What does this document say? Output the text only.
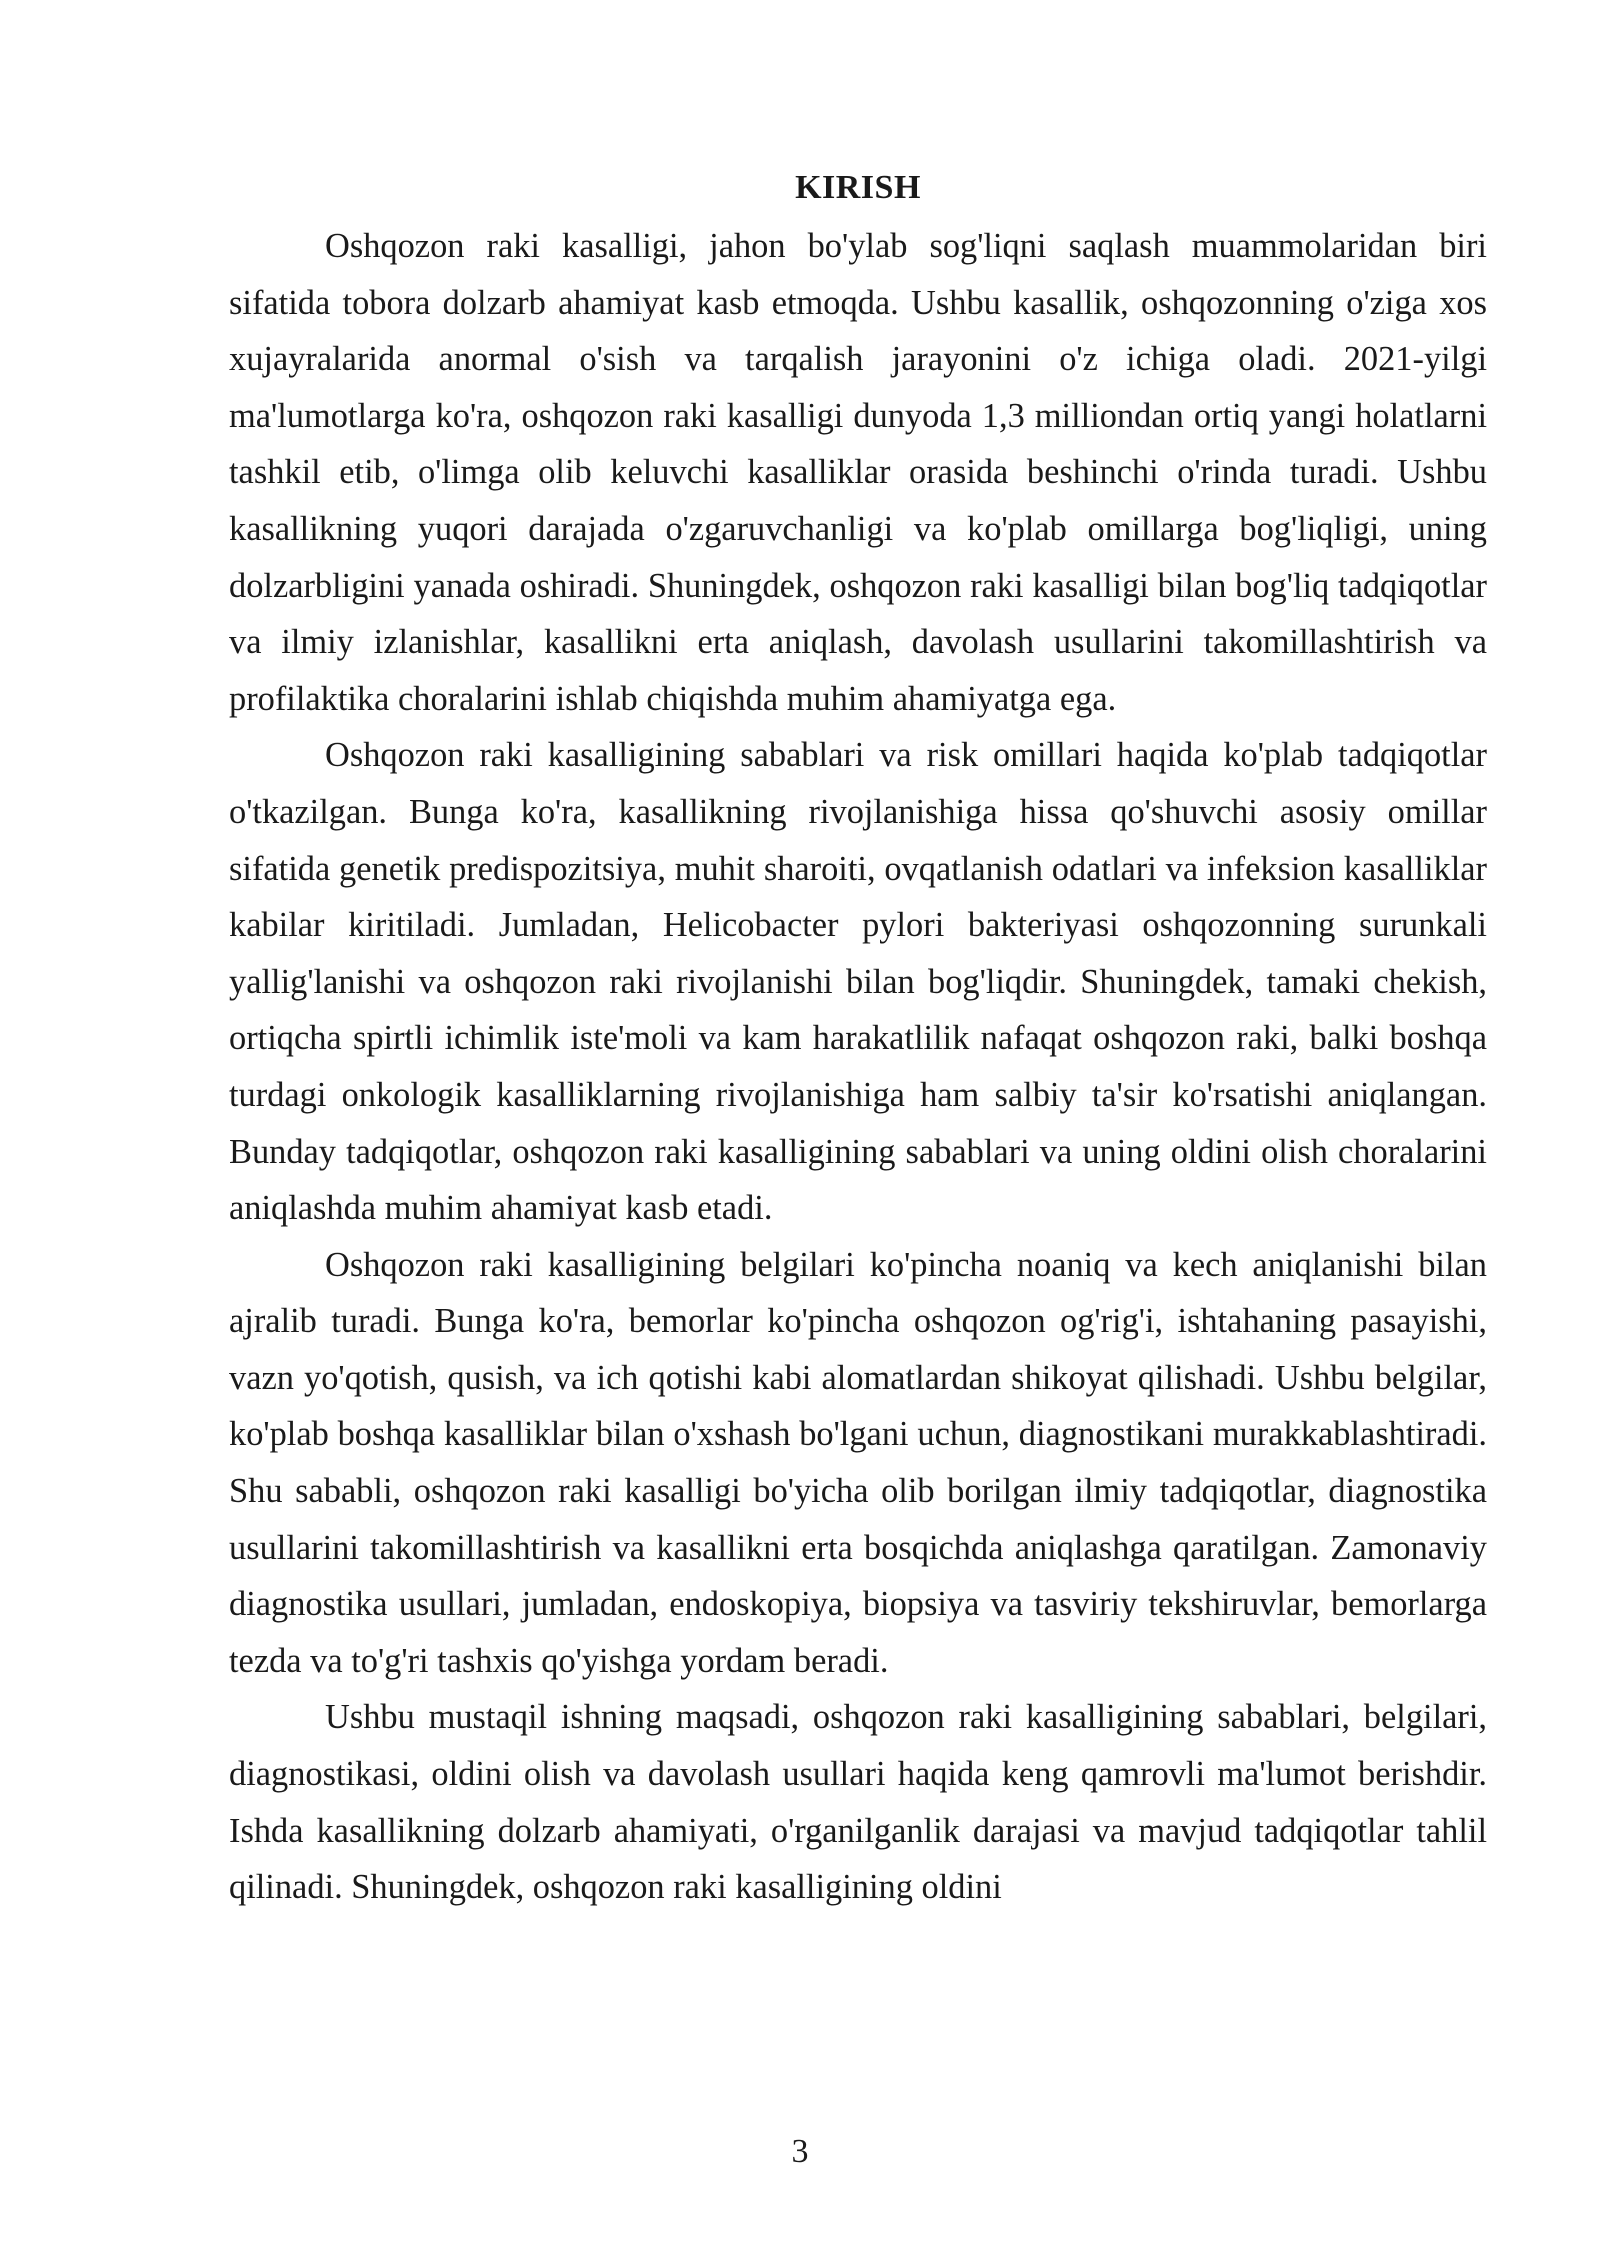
KIRISH

Oshqozon raki kasalligi, jahon bo'ylab sog'liqni saqlash muammolaridan biri sifatida tobora dolzarb ahamiyat kasb etmoqda. Ushbu kasallik, oshqozonning o'ziga xos xujayralarida anormal o'sish va tarqalish jarayonini o'z ichiga oladi. 2021-yilgi ma'lumotlarga ko'ra, oshqozon raki kasalligi dunyoda 1,3 milliondan ortiq yangi holatlarni tashkil etib, o'limga olib keluvchi kasalliklar orasida beshinchi o'rinda turadi. Ushbu kasallikning yuqori darajada o'zgaruvchanligi va ko'plab omillarga bog'liqligi, uning dolzarbligini yanada oshiradi. Shuningdek, oshqozon raki kasalligi bilan bog'liq tadqiqotlar va ilmiy izlanishlar, kasallikni erta aniqlash, davolash usullarini takomillashtirish va profilaktika choralarini ishlab chiqishda muhim ahamiyatga ega.

Oshqozon raki kasalligining sabablari va risk omillari haqida ko'plab tadqiqotlar o'tkazilgan. Bunga ko'ra, kasallikning rivojlanishiga hissa qo'shuvchi asosiy omillar sifatida genetik predispozitsiya, muhit sharoiti, ovqatlanish odatlari va infeksion kasalliklar kabilar kiritiladi. Jumladan, Helicobacter pylori bakteriyasi oshqozonning surunkali yallig'lanishi va oshqozon raki rivojlanishi bilan bog'liqdir. Shuningdek, tamaki chekish, ortiqcha spirtli ichimlik iste'moli va kam harakatlilik nafaqat oshqozon raki, balki boshqa turdagi onkologik kasalliklarning rivojlanishiga ham salbiy ta'sir ko'rsatishi aniqlangan. Bunday tadqiqotlar, oshqozon raki kasalligining sabablari va uning oldini olish choralarini aniqlashda muhim ahamiyat kasb etadi.

Oshqozon raki kasalligining belgilari ko'pincha noaniq va kech aniqlanishi bilan ajralib turadi. Bunga ko'ra, bemorlar ko'pincha oshqozon og'rig'i, ishtahaning pasayishi, vazn yo'qotish, qusish, va ich qotishi kabi alomatlardan shikoyat qilishadi. Ushbu belgilar, ko'plab boshqa kasalliklar bilan o'xshash bo'lgani uchun, diagnostikani murakkablashtiradi. Shu sababli, oshqozon raki kasalligi bo'yicha olib borilgan ilmiy tadqiqotlar, diagnostika usullarini takomillashtirish va kasallikni erta bosqichda aniqlashga qaratilgan. Zamonaviy diagnostika usullari, jumladan, endoskopiya, biopsiya va tasviriy tekshiruvlar, bemorlarga tezda va to'g'ri tashxis qo'yishga yordam beradi.

Ushbu mustaqil ishning maqsadi, oshqozon raki kasalligining sabablari, belgilari, diagnostikasi, oldini olish va davolash usullari haqida keng qamrovli ma'lumot berishdir. Ishda kasallikning dolzarb ahamiyati, o'rganilganlik darajasi va mavjud tadqiqotlar tahlil qilinadi. Shuningdek, oshqozon raki kasalligining oldini

3
